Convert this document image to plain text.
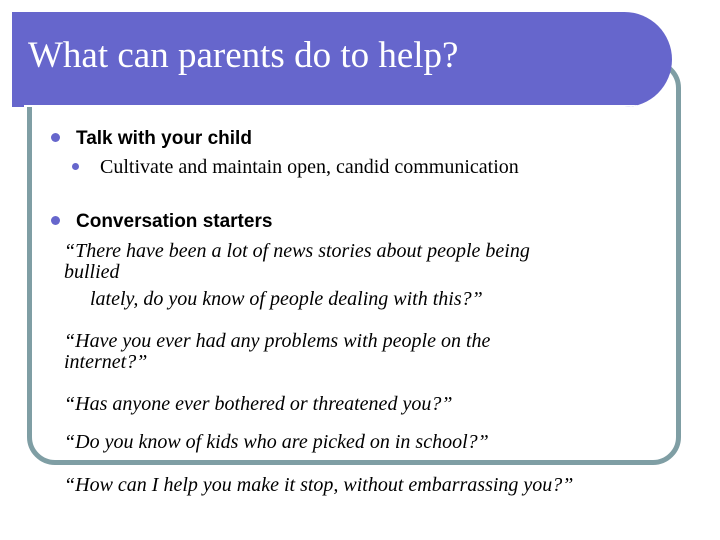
What can parents do to help?
Talk with your child
Cultivate and maintain open, candid communication
Conversation starters
“There have been a lot of news stories about people being
bullied
lately, do you know of people dealing with this?”
“Have you ever had any problems with people on the
internet?”
“Has anyone ever bothered or threatened you?”
“Do you know of kids who are picked on in school?”
“How can I help you make it stop, without embarrassing you?”
